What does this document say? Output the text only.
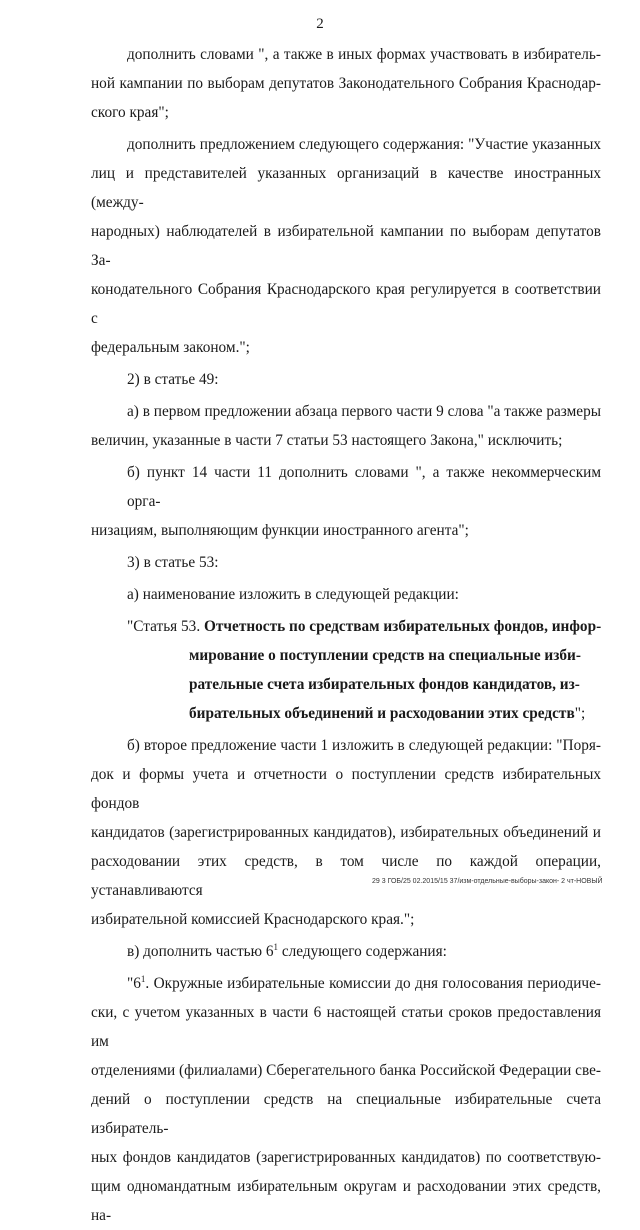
2
дополнить словами ", а также в иных формах участвовать в избиратель-
ной кампании по выборам депутатов Законодательного Собрания Краснодар-
ского края";
дополнить предложением следующего содержания: "Участие указанных
лиц и представителей указанных организаций в качестве иностранных (между-
народных) наблюдателей в избирательной кампании по выборам депутатов За-
конодательного Собрания Краснодарского края регулируется в соответствии с
федеральным законом.";
2) в статье 49:
а) в первом предложении абзаца первого части 9 слова "а также размеры
величин, указанные в части 7 статьи 53 настоящего Закона," исключить;
б) пункт 14 части 11 дополнить словами ", а также некоммерческим орга-
низациям, выполняющим функции иностранного агента";
3) в статье 53:
а) наименование изложить в следующей редакции:
"Статья 53. Отчетность по средствам избирательных фондов, инфор-
мирование о поступлении средств на специальные изби-
рательные счета избирательных фондов кандидатов, из-
бирательных объединений и расходовании этих средств";
б) второе предложение части 1 изложить в следующей редакции: "Поря-
док и формы учета и отчетности о поступлении средств избирательных фондов
кандидатов (зарегистрированных кандидатов), избирательных объединений и
расходовании этих средств, в том числе по каждой операции, устанавливаются
избирательной комиссией Краснодарского края.";
в) дополнить частью $6^1$ следующего содержания:
"$6^1$. Окружные избирательные комиссии до дня голосования периодиче-
ски, с учетом указанных в части 6 настоящей статьи сроков предоставления им
отделениями (филиалами) Сберегательного банка Российской Федерации све-
дений о поступлении средств на специальные избирательные счета избиратель-
ных фондов кандидатов (зарегистрированных кандидатов) по соответствую-
щим одномандатным избирательным округам и расходовании этих средств, на-
29 3 ГОБ/25 02.2015/15 37/изм-отдельные-выборы-закон- 2 чт-НОВЫЙ
